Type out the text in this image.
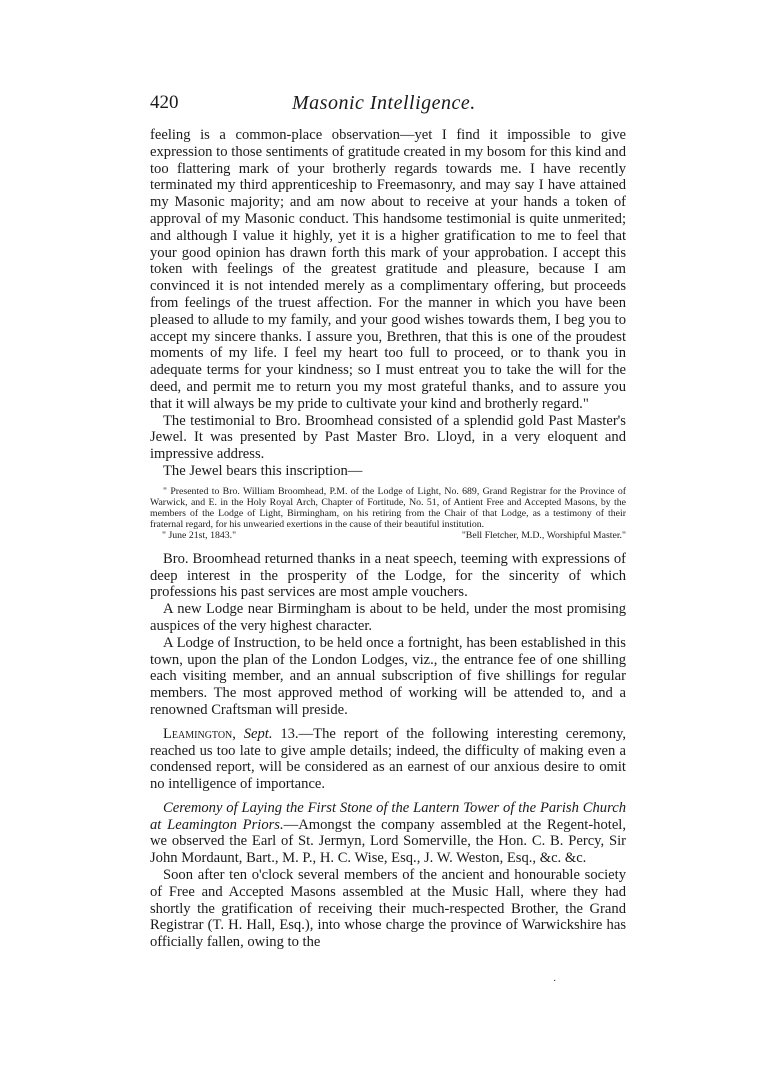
420	Masonic Intelligence.

feeling is a common-place observation—yet I find it impossible to give expression to those sentiments of gratitude created in my bosom for this kind and too flattering mark of your brotherly regards towards me. I have recently terminated my third apprenticeship to Freemasonry, and may say I have attained my Masonic majority; and am now about to receive at your hands a token of approval of my Masonic conduct. This handsome testimonial is quite unmerited; and although I value it highly, yet it is a higher gratification to me to feel that your good opinion has drawn forth this mark of your approbation. I accept this token with feelings of the greatest gratitude and pleasure, because I am convinced it is not intended merely as a complimentary offering, but proceeds from feelings of the truest affection. For the manner in which you have been pleased to allude to my family, and your good wishes towards them, I beg you to accept my sincere thanks. I assure you, Brethren, that this is one of the proudest moments of my life. I feel my heart too full to proceed, or to thank you in adequate terms for your kindness; so I must entreat you to take the will for the deed, and permit me to return you my most grateful thanks, and to assure you that it will always be my pride to cultivate your kind and brotherly regard."

The testimonial to Bro. Broomhead consisted of a splendid gold Past Master's Jewel. It was presented by Past Master Bro. Lloyd, in a very eloquent and impressive address.

The Jewel bears this inscription—

" Presented to Bro. William Broomhead, P.M. of the Lodge of Light, No. 689, Grand Registrar for the Province of Warwick, and E. in the Holy Royal Arch, Chapter of Fortitude, No. 51, of Antient Free and Accepted Masons, by the members of the Lodge of Light, Birmingham, on his retiring from the Chair of that Lodge, as a testimony of their fraternal regard, for his unwearied exertions in the cause of their beautiful institution.

" June 21st, 1843."	"Bell Fletcher, M.D., Worshipful Master."

Bro. Broomhead returned thanks in a neat speech, teeming with expressions of deep interest in the prosperity of the Lodge, for the sincerity of which professions his past services are most ample vouchers.

A new Lodge near Birmingham is about to be held, under the most promising auspices of the very highest character.

A Lodge of Instruction, to be held once a fortnight, has been established in this town, upon the plan of the London Lodges, viz., the entrance fee of one shilling each visiting member, and an annual subscription of five shillings for regular members. The most approved method of working will be attended to, and a renowned Craftsman will preside.

Leamington, Sept. 13.—The report of the following interesting ceremony, reached us too late to give ample details; indeed, the difficulty of making even a condensed report, will be considered as an earnest of our anxious desire to omit no intelligence of importance.

Ceremony of Laying the First Stone of the Lantern Tower of the Parish Church at Leamington Priors.—Amongst the company assembled at the Regent-hotel, we observed the Earl of St. Jermyn, Lord Somerville, the Hon. C. B. Percy, Sir John Mordaunt, Bart., M. P., H. C. Wise, Esq., J. W. Weston, Esq., &c. &c.

Soon after ten o'clock several members of the ancient and honourable society of Free and Accepted Masons assembled at the Music Hall, where they had shortly the gratification of receiving their much-respected Brother, the Grand Registrar (T. H. Hall, Esq.), into whose charge the province of Warwickshire has officially fallen, owing to the

·
